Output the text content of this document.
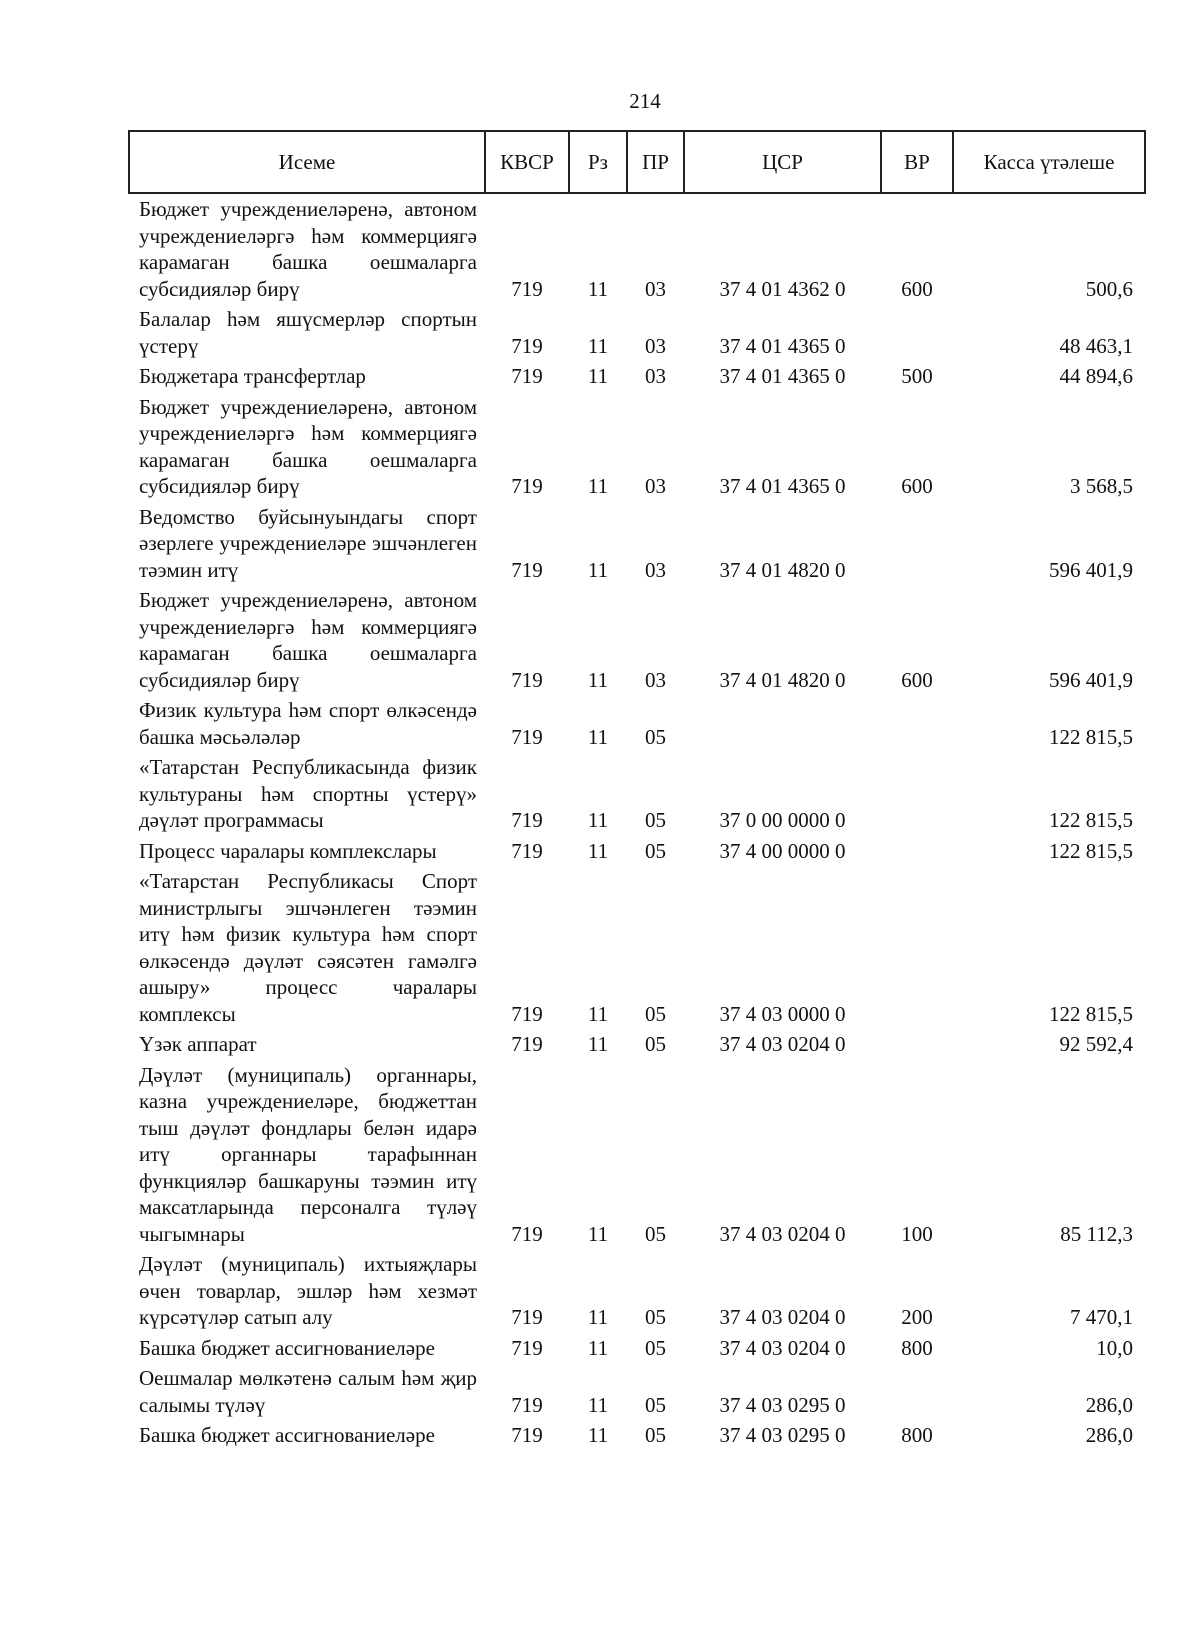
214
Исеме	КВСР	Рз	ПР	ЦСР	ВР	Касса үтәлеше
Бюджет учреждениеләренә, автоном учреждениеләргә һәм коммерциягә карамаган башка оешмаларга субсидияләр бирү	719	11	03	37 4 01 4362 0	600	500,6
Балалар һәм яшүсмерләр спортын үстерү	719	11	03	37 4 01 4365 0		48 463,1
Бюджетара трансфертлар	719	11	03	37 4 01 4365 0	500	44 894,6
Бюджет учреждениеләренә, автоном учреждениеләргә һәм коммерциягә карамаган башка оешмаларга субсидияләр бирү	719	11	03	37 4 01 4365 0	600	3 568,5
Ведомство буйсынуындагы спорт әзерлеге учреждениеләре эшчәнлеген тәэмин итү	719	11	03	37 4 01 4820 0		596 401,9
Бюджет учреждениеләренә, автоном учреждениеләргә һәм коммерциягә карамаган башка оешмаларга субсидияләр бирү	719	11	03	37 4 01 4820 0	600	596 401,9
Физик культура һәм спорт өлкәсендә башка мәсьәләләр	719	11	05			122 815,5
«Татарстан Республикасында физик культураны һәм спортны үстерү» дәүләт программасы	719	11	05	37 0 00 0000 0		122 815,5
Процесс чаралары комплекслары	719	11	05	37 4 00 0000 0		122 815,5
«Татарстан Республикасы Спорт министрлыгы эшчәнлеген тәэмин итү һәм физик культура һәм спорт өлкәсендә дәүләт сәясәтен гамәлгә ашыру» процесс чаралары комплексы	719	11	05	37 4 03 0000 0		122 815,5
Үзәк аппарат	719	11	05	37 4 03 0204 0		92 592,4
Дәүләт (муниципаль) органнары, казна учреждениеләре, бюджеттан тыш дәүләт фондлары белән идарә итү органнары тарафыннан функцияләр башкаруны тәэмин итү максатларында персоналга түләү чыгымнары	719	11	05	37 4 03 0204 0	100	85 112,3
Дәүләт (муниципаль) ихтыяҗлары өчен товарлар, эшләр һәм хезмәт күрсәтүләр сатып алу	719	11	05	37 4 03 0204 0	200	7 470,1
Башка бюджет ассигнованиеләре	719	11	05	37 4 03 0204 0	800	10,0
Оешмалар мөлкәтенә салым һәм җир салымы түләү	719	11	05	37 4 03 0295 0		286,0
Башка бюджет ассигнованиеләре	719	11	05	37 4 03 0295 0	800	286,0
